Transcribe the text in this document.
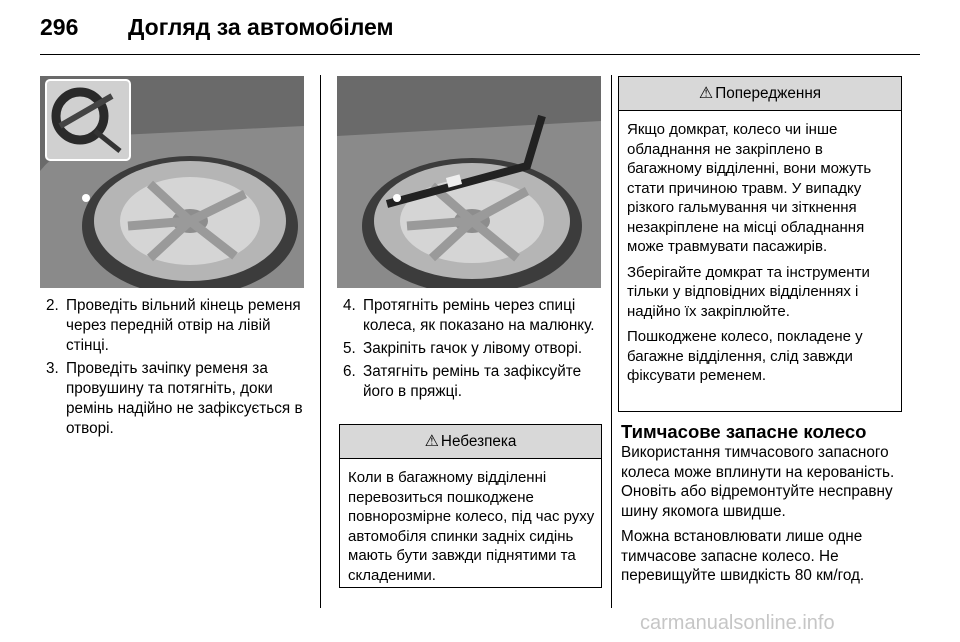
296 Догляд за автомобілем
2. Проведіть вільний кінець ременя через передній отвір на лівій стінці.
3. Проведіть зачіпку ременя за провушину та потягніть, доки ремінь надійно не зафіксується в отворі.
4. Протягніть ремінь через спиці колеса, як показано на малюнку.
5. Закріпіть гачок у лівому отворі.
6. Затягніть ремінь та зафіксуйте його в пряжці.
⚠ Небезпека

Коли в багажному відділенні перевозиться пошкоджене повнорозмірне колесо, під час руху автомобіля спинки задніх сидінь мають бути завжди піднятими та складеними.

⚠ Попередження

Якщо домкрат, колесо чи інше обладнання не закріплено в багажному відділенні, вони можуть стати причиною травм. У випадку різкого гальмування чи зіткнення незакріплене на місці обладнання може травмувати пасажирів.

Зберігайте домкрат та інструменти тільки у відповідних відділеннях і надійно їх закріплюйте.

Пошкоджене колесо, покладене у багажне відділення, слід завжди фіксувати ременем.

Тимчасове запасне колесо

Використання тимчасового запасного колеса може вплинути на керованість. Оновіть або відремонтуйте несправну шину якомога швидше.

Можна встановлювати лише одне тимчасове запасне колесо. Не перевищуйте швидкість 80 км/год.

carmanualsonline.info
